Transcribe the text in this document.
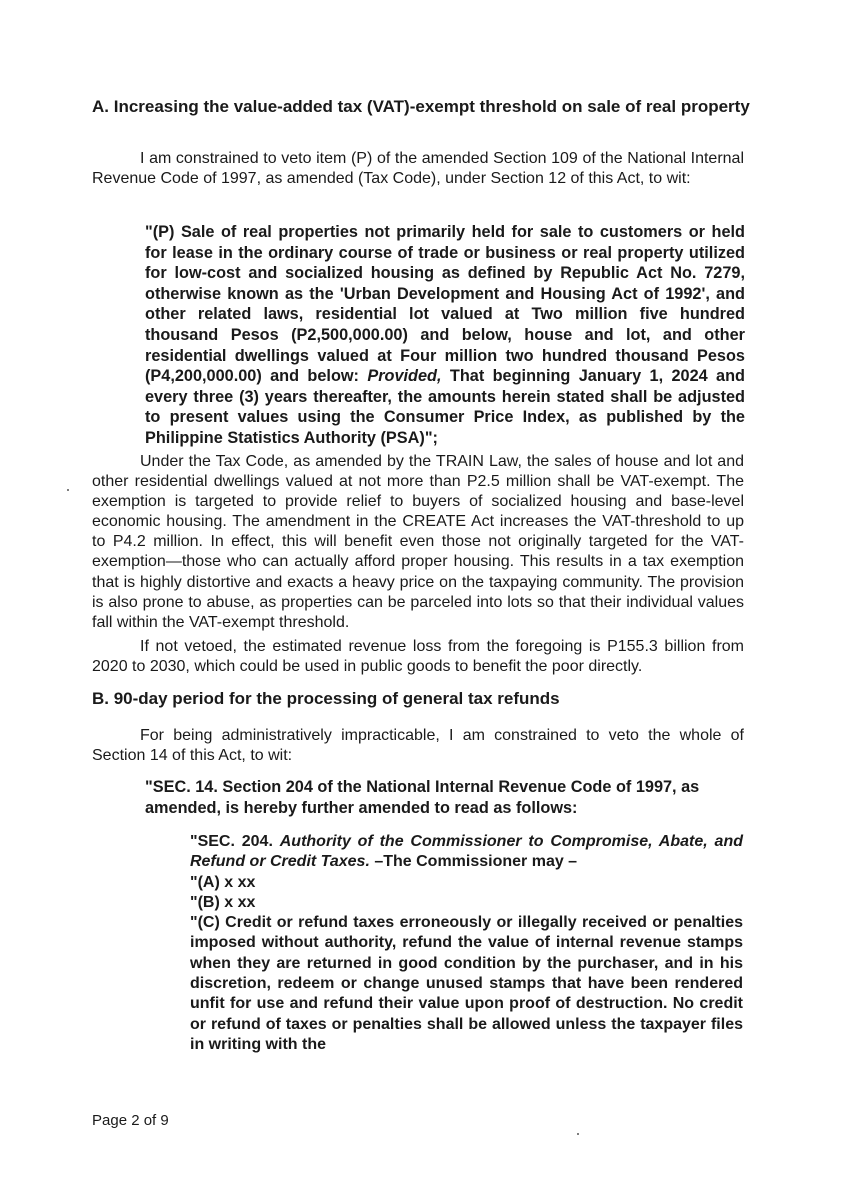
A. Increasing the value-added tax (VAT)-exempt threshold on sale of real property

I am constrained to veto item (P) of the amended Section 109 of the National Internal Revenue Code of 1997, as amended (Tax Code), under Section 12 of this Act, to wit:

"(P) Sale of real properties not primarily held for sale to customers or held for lease in the ordinary course of trade or business or real property utilized for low-cost and socialized housing as defined by Republic Act No. 7279, otherwise known as the 'Urban Development and Housing Act of 1992', and other related laws, residential lot valued at Two million five hundred thousand Pesos (P2,500,000.00) and below, house and lot, and other residential dwellings valued at Four million two hundred thousand Pesos (P4,200,000.00) and below: Provided, That beginning January 1, 2024 and every three (3) years thereafter, the amounts herein stated shall be adjusted to present values using the Consumer Price Index, as published by the Philippine Statistics Authority (PSA)";

Under the Tax Code, as amended by the TRAIN Law, the sales of house and lot and other residential dwellings valued at not more than P2.5 million shall be VAT-exempt. The exemption is targeted to provide relief to buyers of socialized housing and base-level economic housing. The amendment in the CREATE Act increases the VAT-threshold to up to P4.2 million. In effect, this will benefit even those not originally targeted for the VAT-exemption—those who can actually afford proper housing. This results in a tax exemption that is highly distortive and exacts a heavy price on the taxpaying community. The provision is also prone to abuse, as properties can be parceled into lots so that their individual values fall within the VAT-exempt threshold.

If not vetoed, the estimated revenue loss from the foregoing is P155.3 billion from 2020 to 2030, which could be used in public goods to benefit the poor directly.

B. 90-day period for the processing of general tax refunds

For being administratively impracticable, I am constrained to veto the whole of Section 14 of this Act, to wit:

"SEC. 14. Section 204 of the National Internal Revenue Code of 1997, as amended, is hereby further amended to read as follows:

"SEC. 204. Authority of the Commissioner to Compromise, Abate, and Refund or Credit Taxes. –The Commissioner may –
"(A) x xx
"(B) x xx
"(C) Credit or refund taxes erroneously or illegally received or penalties imposed without authority, refund the value of internal revenue stamps when they are returned in good condition by the purchaser, and in his discretion, redeem or change unused stamps that have been rendered unfit for use and refund their value upon proof of destruction. No credit or refund of taxes or penalties shall be allowed unless the taxpayer files in writing with the
Page 2 of 9
